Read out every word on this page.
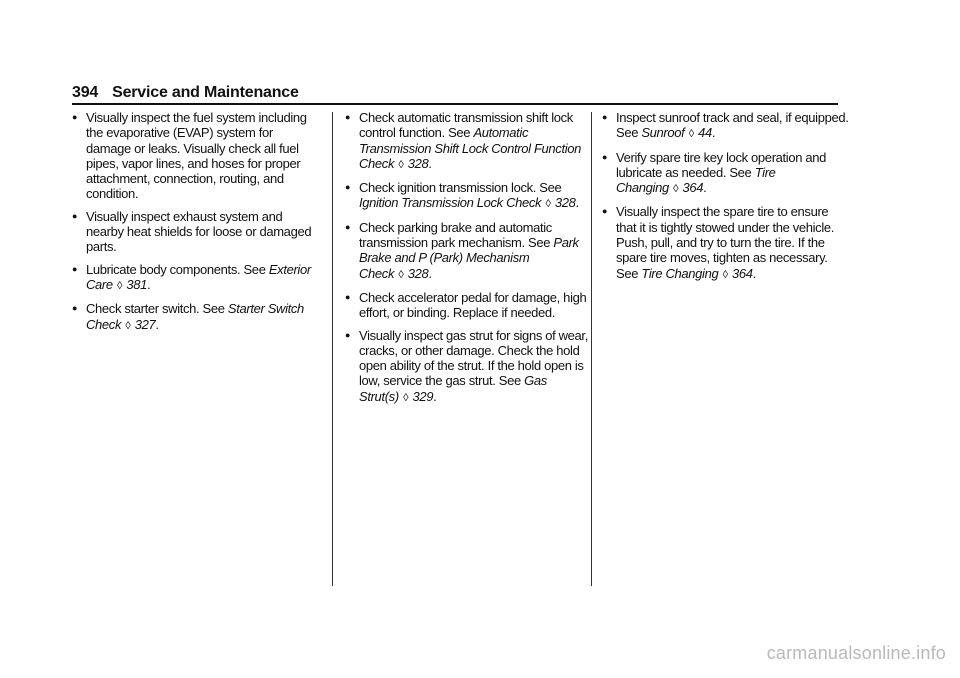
394 Service and Maintenance
● Visually inspect the fuel system including the evaporative (EVAP) system for damage or leaks. Visually check all fuel pipes, vapor lines, and hoses for proper attachment, connection, routing, and condition.
● Visually inspect exhaust system and nearby heat shields for loose or damaged parts.
● Lubricate body components. See Exterior Care ◊ 381.
● Check starter switch. See Starter Switch Check ◊ 327.
● Check automatic transmission shift lock control function. See Automatic Transmission Shift Lock Control Function Check ◊ 328.
● Check ignition transmission lock. See Ignition Transmission Lock Check ◊ 328.
● Check parking brake and automatic transmission park mechanism. See Park Brake and P (Park) Mechanism Check ◊ 328.
● Check accelerator pedal for damage, high effort, or binding. Replace if needed.
● Visually inspect gas strut for signs of wear, cracks, or other damage. Check the hold open ability of the strut. If the hold open is low, service the gas strut. See Gas Strut(s) ◊ 329.
● Inspect sunroof track and seal, if equipped. See Sunroof ◊ 44.
● Verify spare tire key lock operation and lubricate as needed. See Tire Changing ◊ 364.
● Visually inspect the spare tire to ensure that it is tightly stowed under the vehicle. Push, pull, and try to turn the tire. If the spare tire moves, tighten as necessary. See Tire Changing ◊ 364.
carmanualsonline.info
